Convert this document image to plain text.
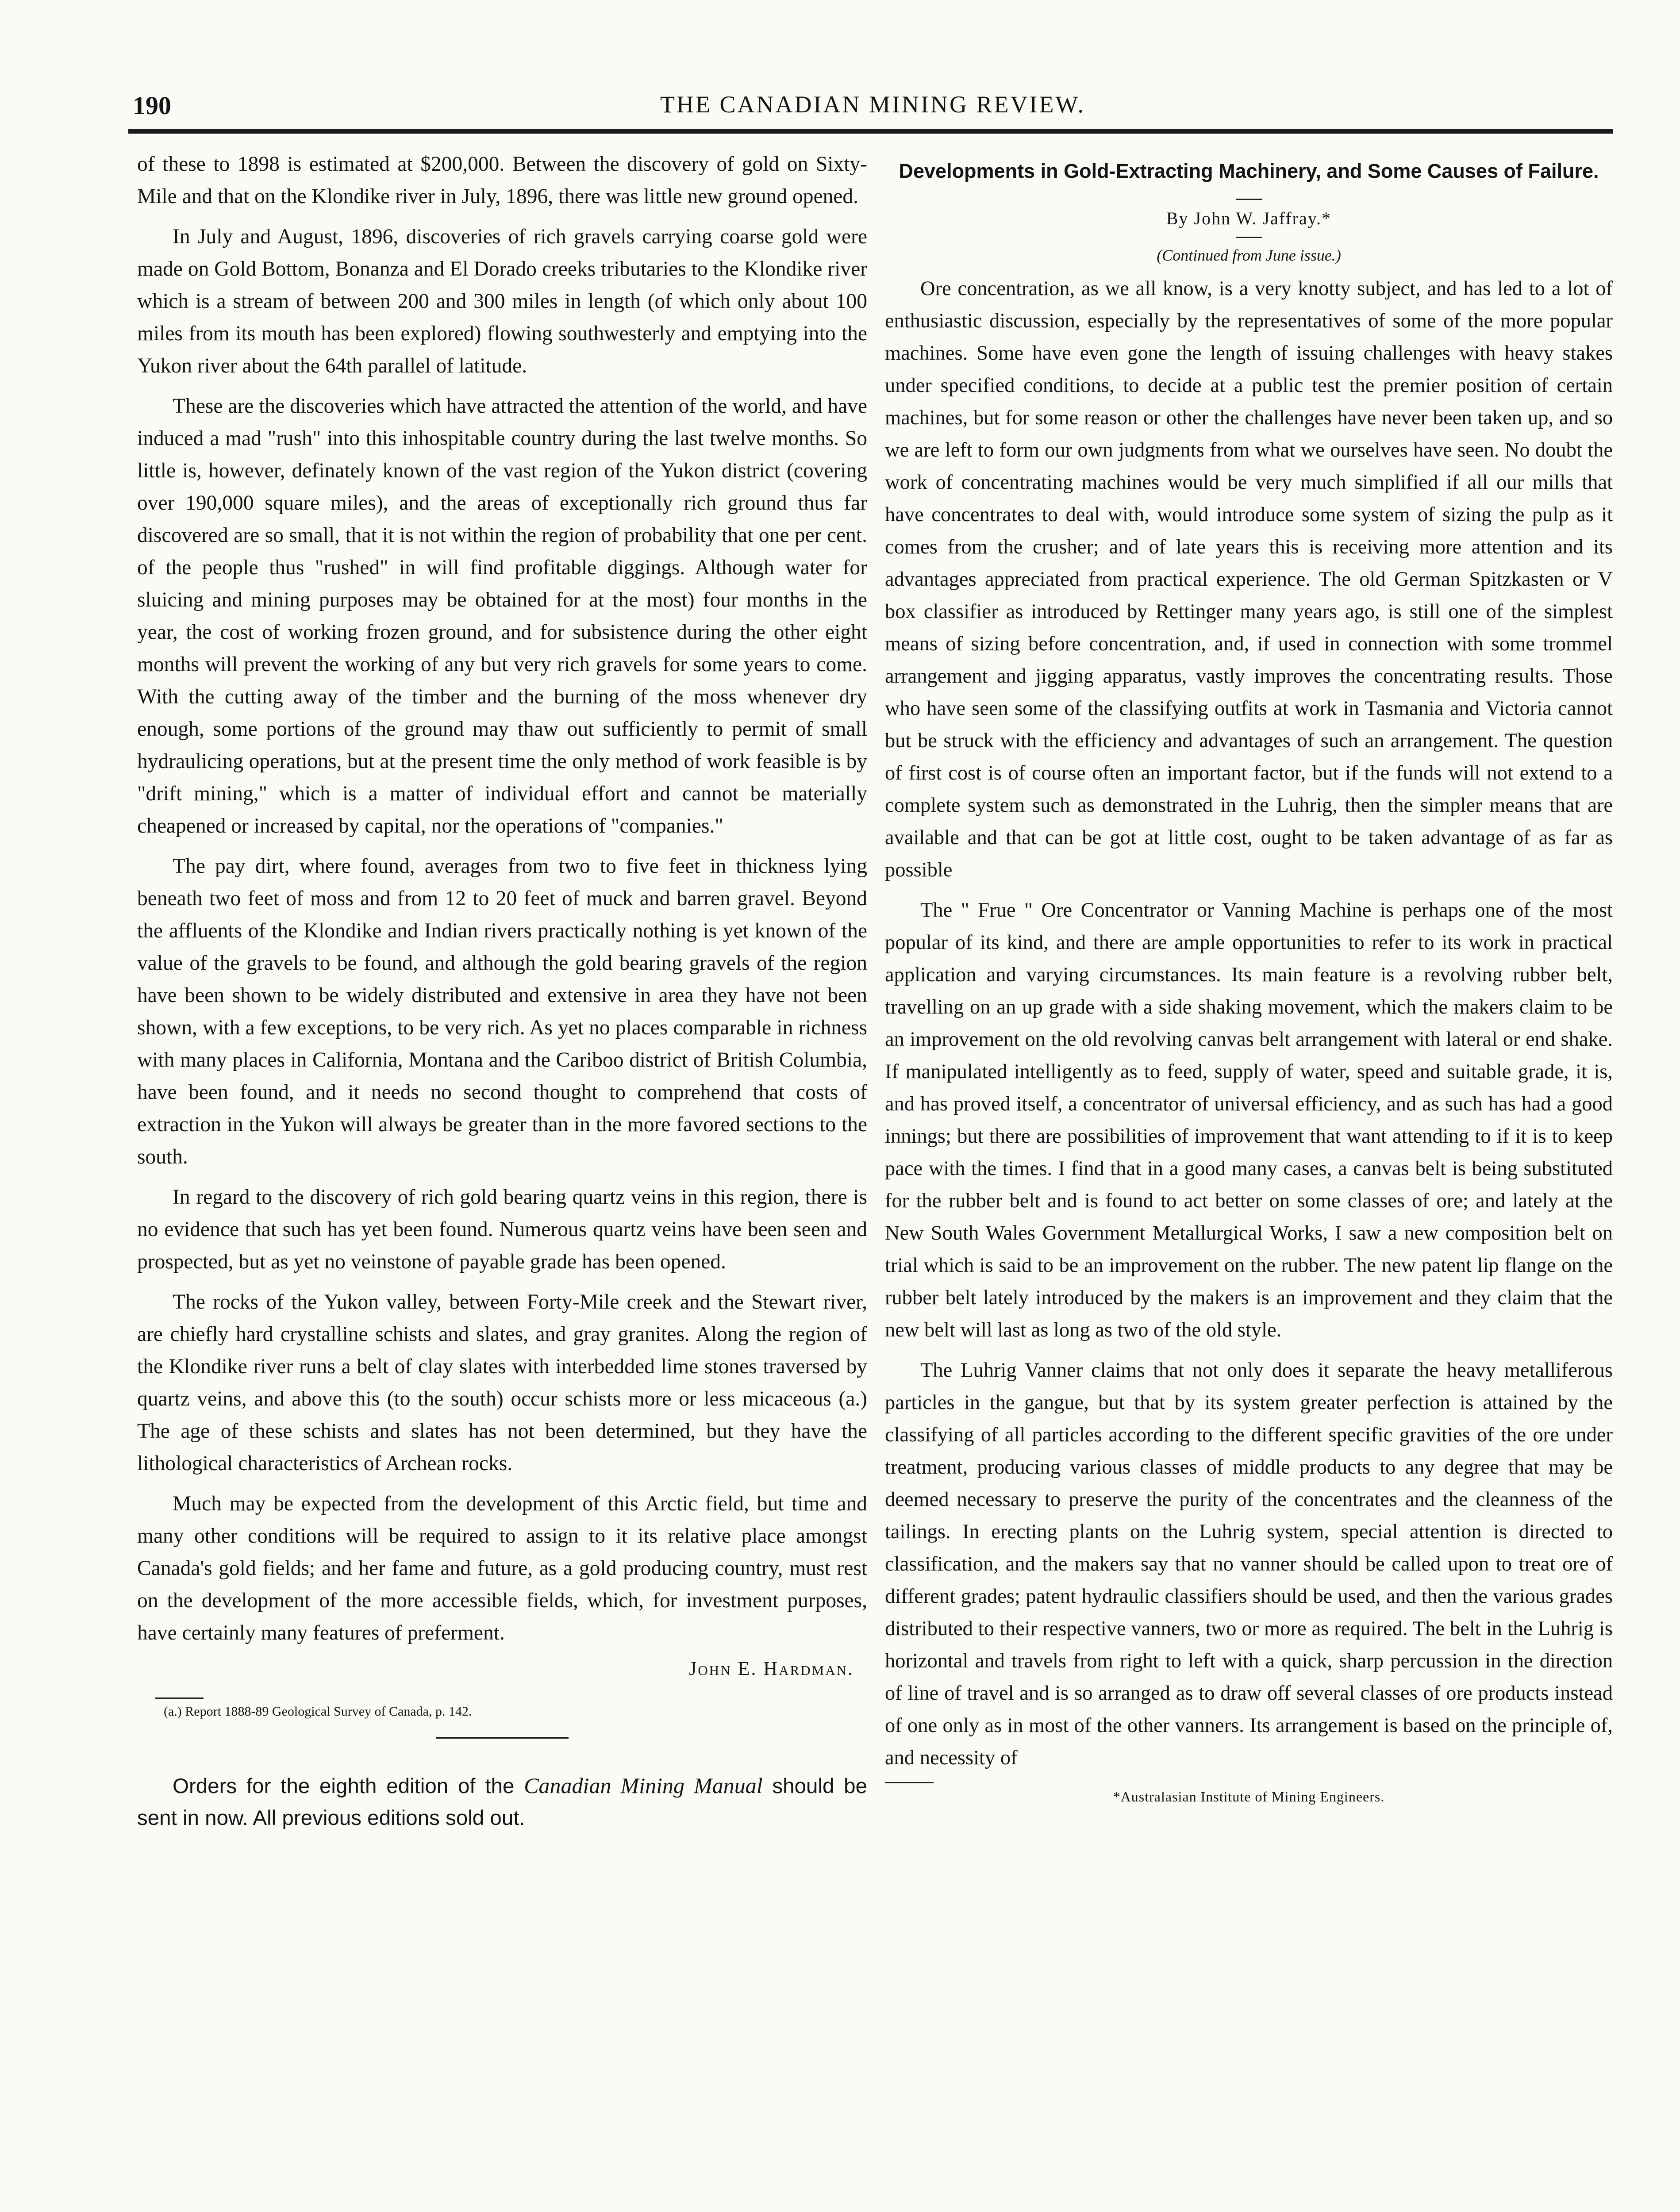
THE CANADIAN MINING REVIEW.
190

of these to 1898 is estimated at $200,000. Between the discovery of gold on Sixty-Mile and that on the Klondike river in July, 1896, there was little new ground opened.

In July and August, 1896, discoveries of rich gravels carrying coarse gold were made on Gold Bottom, Bonanza and El Dorado creeks tributaries to the Klondike river which is a stream of between 200 and 300 miles in length (of which only about 100 miles from its mouth has been explored) flowing southwesterly and emptying into the Yukon river about the 64th parallel of latitude.

These are the discoveries which have attracted the attention of the world, and have induced a mad "rush" into this inhospitable country during the last twelve months. So little is, however, definately known of the vast region of the Yukon district (covering over 190,000 square miles), and the areas of exceptionally rich ground thus far discovered are so small, that it is not within the region of probability that one per cent. of the people thus "rushed" in will find profitable diggings. Although water for sluicing and mining purposes may be obtained for at the most) four months in the year, the cost of working frozen ground, and for subsistence during the other eight months will prevent the working of any but very rich gravels for some years to come. With the cutting away of the timber and the burning of the moss whenever dry enough, some portions of the ground may thaw out sufficiently to permit of small hydraulicing operations, but at the present time the only method of work feasible is by "drift mining," which is a matter of individual effort and cannot be materially cheapened or increased by capital, nor the operations of "companies."

The pay dirt, where found, averages from two to five feet in thickness lying beneath two feet of moss and from 12 to 20 feet of muck and barren gravel. Beyond the affluents of the Klondike and Indian rivers practically nothing is yet known of the value of the gravels to be found, and although the gold bearing gravels of the region have been shown to be widely distributed and extensive in area they have not been shown, with a few exceptions, to be very rich. As yet no places comparable in richness with many places in California, Montana and the Cariboo district of British Columbia, have been found, and it needs no second thought to comprehend that costs of extraction in the Yukon will always be greater than in the more favored sections to the south.

In regard to the discovery of rich gold bearing quartz veins in this region, there is no evidence that such has yet been found. Numerous quartz veins have been seen and prospected, but as yet no veinstone of payable grade has been opened.

The rocks of the Yukon valley, between Forty-Mile creek and the Stewart river, are chiefly hard crystalline schists and slates, and gray granites. Along the region of the Klondike river runs a belt of clay slates with interbedded lime stones traversed by quartz veins, and above this (to the south) occur schists more or less micaceous (a.) The age of these schists and slates has not been determined, but they have the lithological characteristics of Archean rocks.

Much may be expected from the development of this Arctic field, but time and many other conditions will be required to assign to it its relative place amongst Canada's gold fields; and her fame and future, as a gold producing country, must rest on the development of the more accessible fields, which, for investment purposes, have certainly many features of preferment.

John E. Hardman.
(a.) Report 1888-89 Geological Survey of Canada, p. 142.

Orders for the eighth edition of the Canadian Mining Manual should be sent in now. All previous editions sold out.

Developments in Gold-Extracting Machinery, and Some Causes of Failure.
By John W. Jaffray.*
(Continued from June issue.)

Ore concentration, as we all know, is a very knotty subject, and has led to a lot of enthusiastic discussion, especially by the representatives of some of the more popular machines. Some have even gone the length of issuing challenges with heavy stakes under specified conditions, to decide at a public test the premier position of certain machines, but for some reason or other the challenges have never been taken up, and so we are left to form our own judgments from what we ourselves have seen. No doubt the work of concentrating machines would be very much simplified if all our mills that have concentrates to deal with, would introduce some system of sizing the pulp as it comes from the crusher; and of late years this is receiving more attention and its advantages appreciated from practical experience. The old German Spitzkasten or V box classifier as introduced by Rettinger many years ago, is still one of the simplest means of sizing before concentration, and, if used in connection with some trommel arrangement and jigging apparatus, vastly improves the concentrating results. Those who have seen some of the classifying outfits at work in Tasmania and Victoria cannot but be struck with the efficiency and advantages of such an arrangement. The question of first cost is of course often an important factor, but if the funds will not extend to a complete system such as demonstrated in the Luhrig, then the simpler means that are available and that can be got at little cost, ought to be taken advantage of as far as possible

The " Frue " Ore Concentrator or Vanning Machine is perhaps one of the most popular of its kind, and there are ample opportunities to refer to its work in practical application and varying circumstances. Its main feature is a revolving rubber belt, travelling on an up grade with a side shaking movement, which the makers claim to be an improvement on the old revolving canvas belt arrangement with lateral or end shake. If manipulated intelligently as to feed, supply of water, speed and suitable grade, it is, and has proved itself, a concentrator of universal efficiency, and as such has had a good innings; but there are possibilities of improvement that want attending to if it is to keep pace with the times. I find that in a good many cases, a canvas belt is being substituted for the rubber belt and is found to act better on some classes of ore; and lately at the New South Wales Government Metallurgical Works, I saw a new composition belt on trial which is said to be an improvement on the rubber. The new patent lip flange on the rubber belt lately introduced by the makers is an improvement and they claim that the new belt will last as long as two of the old style.

The Luhrig Vanner claims that not only does it separate the heavy metalliferous particles in the gangue, but that by its system greater perfection is attained by the classifying of all particles according to the different specific gravities of the ore under treatment, producing various classes of middle products to any degree that may be deemed necessary to preserve the purity of the concentrates and the cleanness of the tailings. In erecting plants on the Luhrig system, special attention is directed to classification, and the makers say that no vanner should be called upon to treat ore of different grades; patent hydraulic classifiers should be used, and then the various grades distributed to their respective vanners, two or more as required. The belt in the Luhrig is horizontal and travels from right to left with a quick, sharp percussion in the direction of line of travel and is so arranged as to draw off several classes of ore products instead of one only as in most of the other vanners. Its arrangement is based on the principle of, and necessity of

*Australasian Institute of Mining Engineers.
